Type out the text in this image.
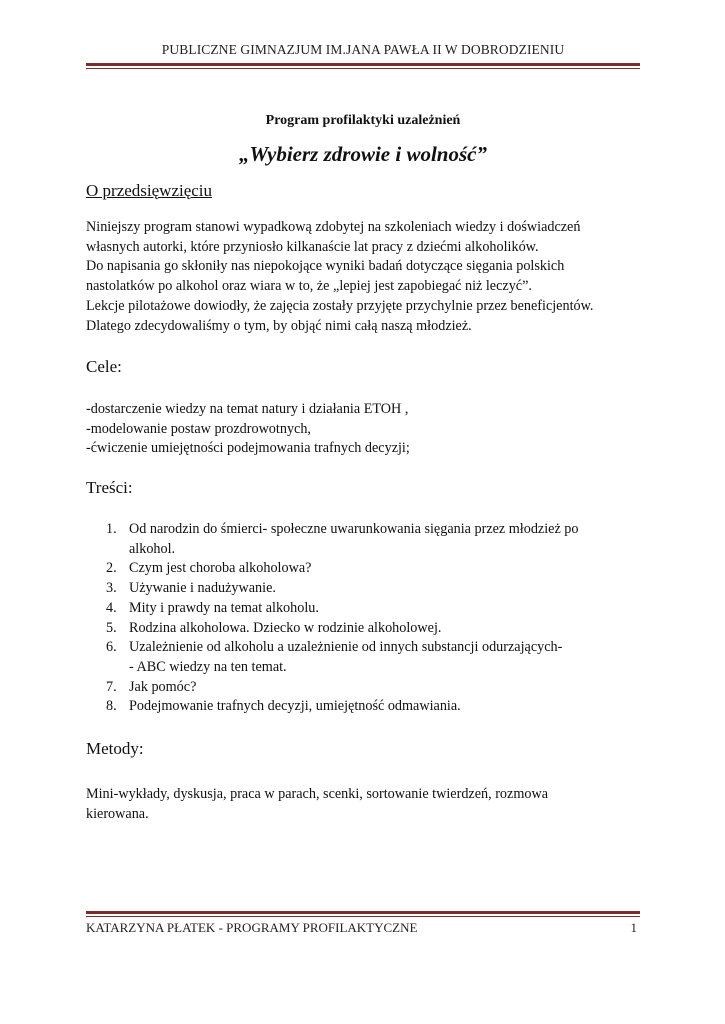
PUBLICZNE GIMNAZJUM IM.JANA PAWŁA II W DOBRODZIENIU
Program profilaktyki uzależnień
„Wybierz zdrowie i wolność”
O przedsięwzięciu

Niniejszy program stanowi wypadkową zdobytej na szkoleniach wiedzy i doświadczeń

własnych autorki, które przyniosło kilkanaście lat pracy z dziećmi alkoholików.

Do napisania go skłoniły nas niepokojące wyniki badań dotyczące sięgania polskich

nastolatków po alkohol oraz wiara w to, że „lepiej jest zapobiegać niż leczyć”.

Lekcje pilotażowe dowiodły, że zajęcia zostały przyjęte przychylnie przez beneficjentów.

Dlatego zdecydowaliśmy o tym, by objąć nimi całą naszą młodzież.

Cele:

-dostarczenie wiedzy na temat natury i działania ETOH ,

-modelowanie postaw prozdrowotnych,

-ćwiczenie umiejętności podejmowania trafnych decyzji;

Treści:
1. Od narodzin do śmierci- społeczne uwarunkowania sięgania przez młodzież po
alkohol.
2. Czym jest choroba alkoholowa?
3. Używanie i nadużywanie.
4. Mity i prawdy na temat alkoholu.
5. Rodzina alkoholowa. Dziecko w rodzinie alkoholowej.
6. Uzależnienie od alkoholu a uzależnienie od innych substancji odurzających-
- ABC wiedzy na ten temat.
7. Jak pomóc?
8. Podejmowanie trafnych decyzji, umiejętność odmawiania.
Metody:

Mini-wykłady, dyskusja, praca w parach, scenki, sortowanie twierdzeń, rozmowa

kierowana.

KATARZYNA PŁATEK - PROGRAMY PROFILAKTYCZNE	1
